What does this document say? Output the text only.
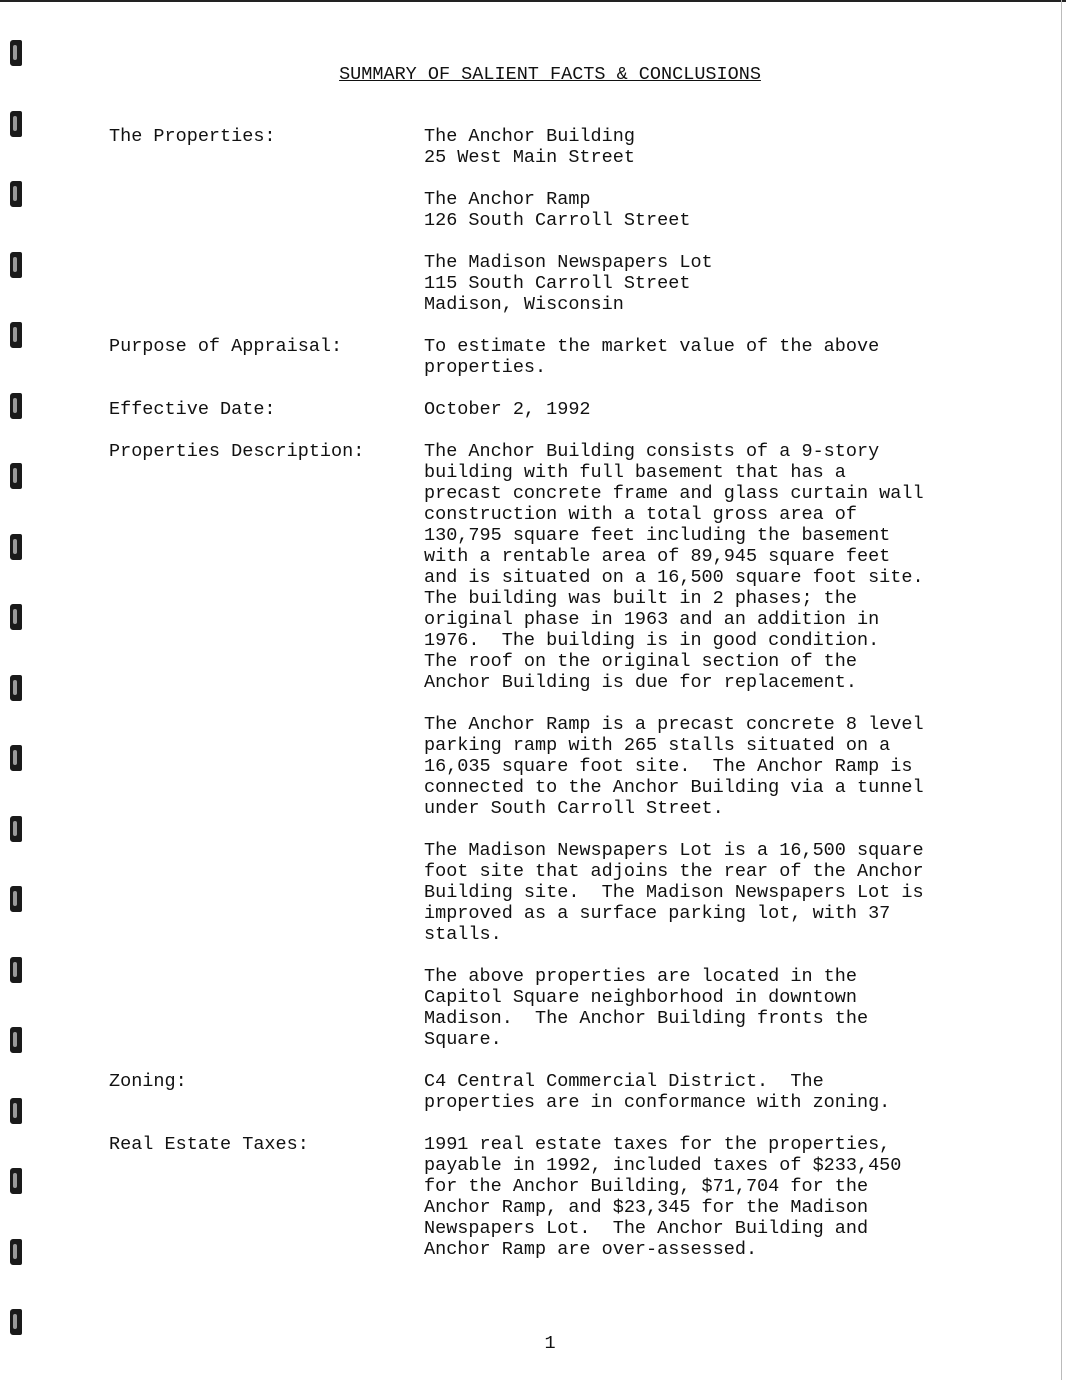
SUMMARY OF SALIENT FACTS & CONCLUSIONS
The Properties:	The Anchor Building
25 West Main Street
The Anchor Ramp
126 South Carroll Street
The Madison Newspapers Lot
115 South Carroll Street
Madison, Wisconsin
Purpose of Appraisal:	To estimate the market value of the above
properties.
Effective Date:	October 2, 1992
Properties Description:	The Anchor Building consists of a 9-story
building with full basement that has a
precast concrete frame and glass curtain wall
construction with a total gross area of
130,795 square feet including the basement
with a rentable area of 89,945 square feet
and is situated on a 16,500 square foot site.
The building was built in 2 phases; the
original phase in 1963 and an addition in
1976.  The building is in good condition.
The roof on the original section of the
Anchor Building is due for replacement.
The Anchor Ramp is a precast concrete 8 level
parking ramp with 265 stalls situated on a
16,035 square foot site.  The Anchor Ramp is
connected to the Anchor Building via a tunnel
under South Carroll Street.
The Madison Newspapers Lot is a 16,500 square
foot site that adjoins the rear of the Anchor
Building site.  The Madison Newspapers Lot is
improved as a surface parking lot, with 37
stalls.
The above properties are located in the
Capitol Square neighborhood in downtown
Madison.  The Anchor Building fronts the
Square.
Zoning:	C4 Central Commercial District.  The
properties are in conformance with zoning.
Real Estate Taxes:	1991 real estate taxes for the properties,
payable in 1992, included taxes of $233,450
for the Anchor Building, $71,704 for the
Anchor Ramp, and $23,345 for the Madison
Newspapers Lot.  The Anchor Building and
Anchor Ramp are over-assessed.
1
